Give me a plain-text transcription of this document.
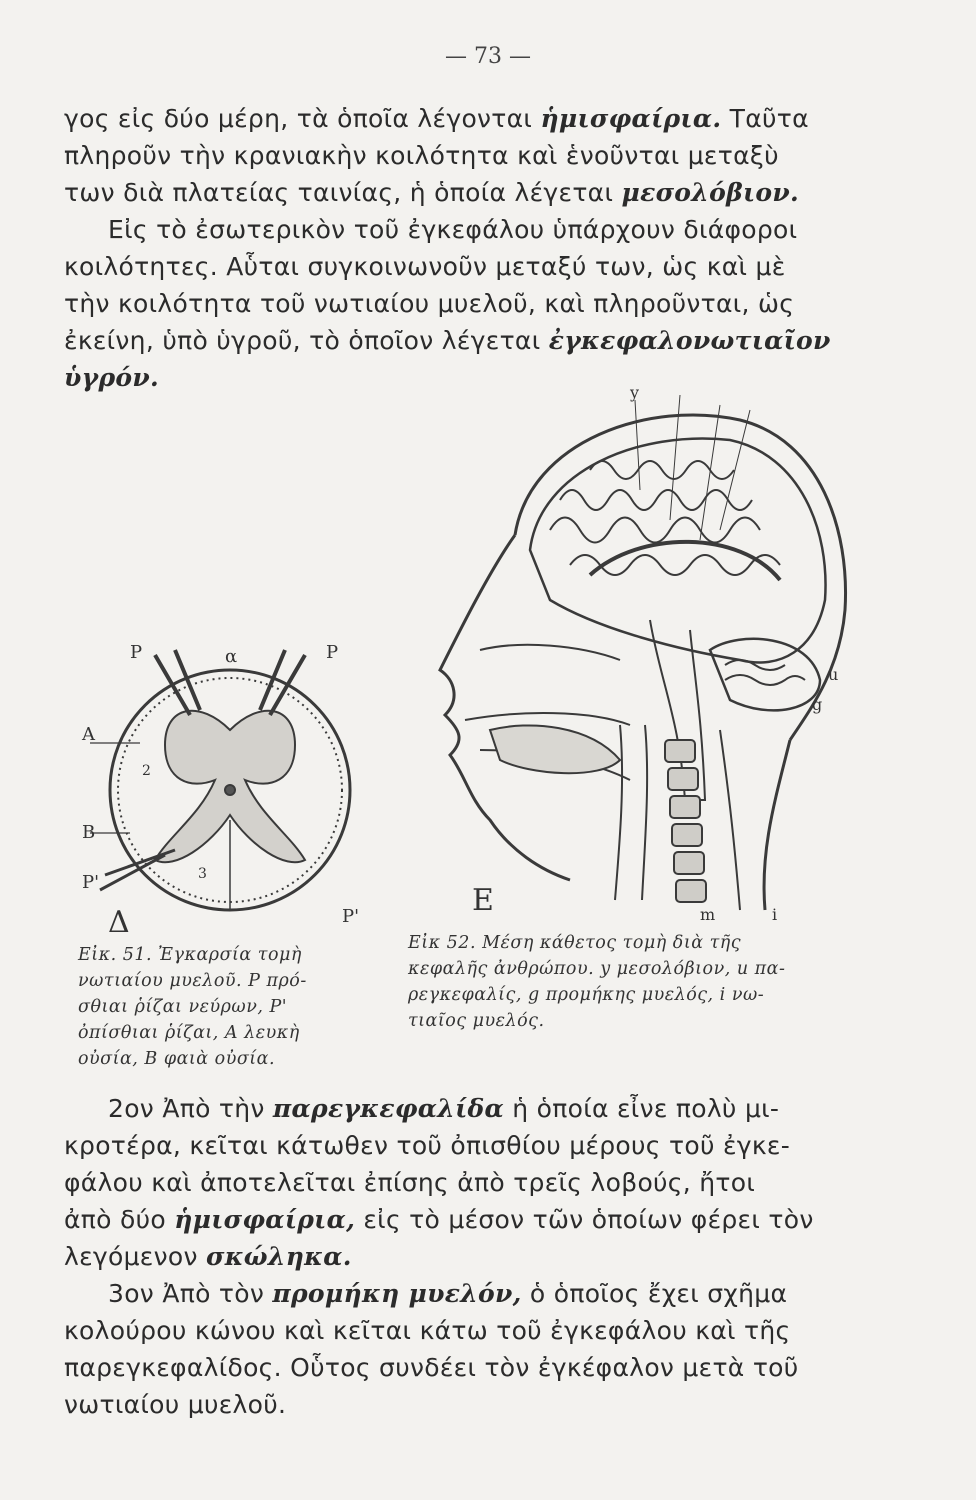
— 73 —
γος εἰς δύο μέρη, τὰ ὁποῖα λέγονται ἡμισφαίρια. Ταῦτα
πληροῦν τὴν κρανιακὴν κοιλότητα καὶ ἑνοῦνται μεταξὺ
των διὰ πλατείας ταινίας, ἡ ὁποία λέγεται μεσολόβιον.
Εἰς τὸ ἐσωτερικὸν τοῦ ἐγκεφάλου ὑπάρχουν διάφοροι
κοιλότητες. Αὗται συγκοινωνοῦν μεταξύ των, ὡς καὶ μὲ
τὴν κοιλότητα τοῦ νωτιαίου μυελοῦ, καὶ πληροῦνται, ὡς
ἐκείνη, ὑπὸ ὑγροῦ, τὸ ὁποῖον λέγεται ἐγκεφαλονωτιαῖον
ὑγρόν.
E
y
u
g
i
m
P	α	P
A
B
P'
Δ	P'
3
2
Εἰκ. 51. Ἐγκαρσία τομὴ
νωτιαίου μυελοῦ. P πρό-
σθιαι ῥίζαι νεύρων, P'
ὀπίσθιαι ῥίζαι, A λευκὴ
οὐσία, B φαιὰ οὐσία.
Εἰκ 52. Μέση κάθετος τομὴ διὰ τῆς
κεφαλῆς ἀνθρώπου. y μεσολόβιον, u πα-
ρεγκεφαλίς, g προμήκης μυελός, i νω-
τιαῖος μυελός.
2ον Ἀπὸ τὴν παρεγκεφαλίδα ἡ ὁποία εἶνε πολὺ μι-
κροτέρα, κεῖται κάτωθεν τοῦ ὀπισθίου μέρους τοῦ ἐγκε-
φάλου καὶ ἀποτελεῖται ἐπίσης ἀπὸ τρεῖς λοβούς, ἤτοι
ἀπὸ δύο ἡμισφαίρια, εἰς τὸ μέσον τῶν ὁποίων φέρει τὸν
λεγόμενον σκώληκα.
3ον Ἀπὸ τὸν προμήκη μυελόν, ὁ ὁποῖος ἔχει σχῆμα
κολούρου κώνου καὶ κεῖται κάτω τοῦ ἐγκεφάλου καὶ τῆς
παρεγκεφαλίδος. Οὗτος συνδέει τὸν ἐγκέφαλον μετὰ τοῦ
νωτιαίου μυελοῦ.
